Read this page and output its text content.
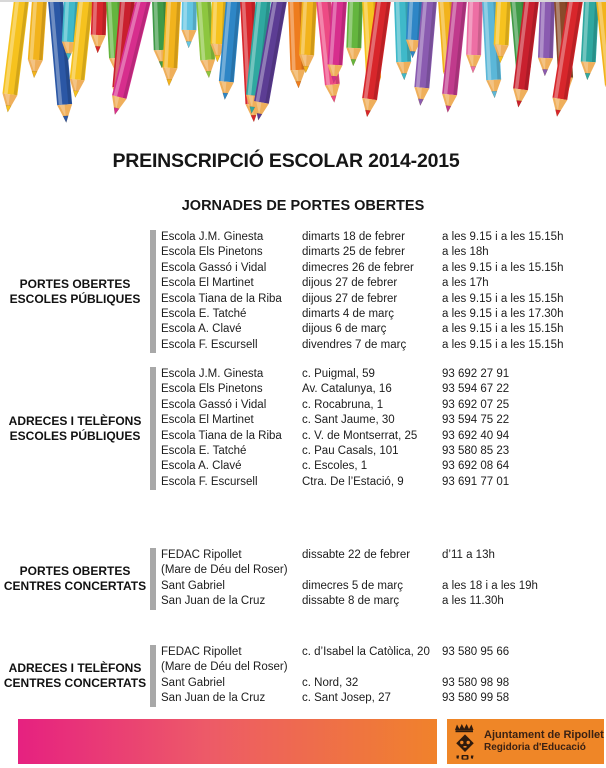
PREINSCRIPCIÓ ESCOLAR 2014-2015
JORNADES DE PORTES OBERTES
PORTES OBERTES
ESCOLES PÚBLIQUES
Escola J.M. Ginesta	dimarts 18 de febrer	a les 9.15 i a les 15.15h
Escola Els Pinetons	dimarts 25 de febrer	a les 18h
Escola Gassó i Vidal	dimecres 26 de febrer	a les 9.15 i a les 15.15h
Escola El Martinet	dijous 27 de febrer	a les 17h
Escola Tiana de la Riba	dijous 27 de febrer	a les 9.15 i a les 15.15h
Escola E. Tatché	dimarts 4 de març	a les 9.15 i a les 17.30h
Escola A. Clavé	dijous 6 de març	a les 9.15 i a les 15.15h
Escola F. Escursell	divendres 7 de març	a les 9.15 i a les 15.15h
ADRECES I TELÈFONS
ESCOLES PÚBLIQUES
Escola J.M. Ginesta	c. Puigmal, 59	93 692 27 91
Escola Els Pinetons	Av. Catalunya, 16	93 594 67 22
Escola Gassó i Vidal	c. Rocabruna, 1	93 692 07 25
Escola El Martinet	c. Sant Jaume, 30	93 594 75 22
Escola Tiana de la Riba	c. V. de Montserrat, 25	93 692 40 94
Escola E. Tatché	c. Pau Casals, 101	93 580 85 23
Escola A. Clavé	c. Escoles, 1	93 692 08 64
Escola F. Escursell	Ctra. De l’Estació, 9	93 691 77 01
PORTES OBERTES
CENTRES CONCERTATS
FEDAC Ripollet	dissabte 22 de febrer	d’11 a 13h
(Mare de Déu del Roser)
Sant Gabriel	dimecres 5 de març	a les 18 i a les 19h
San Juan de la Cruz	dissabte 8 de març	a les 11.30h
ADRECES I TELÈFONS
CENTRES CONCERTATS
FEDAC Ripollet	c. d’Isabel la Catòlica, 20	93 580 95 66
(Mare de Déu del Roser)
Sant Gabriel	c. Nord, 32	93 580 98 98
San Juan de la Cruz	c. Sant Josep, 27	93 580 99 58
Ajuntament de Ripollet
Regidoria d'Educació
